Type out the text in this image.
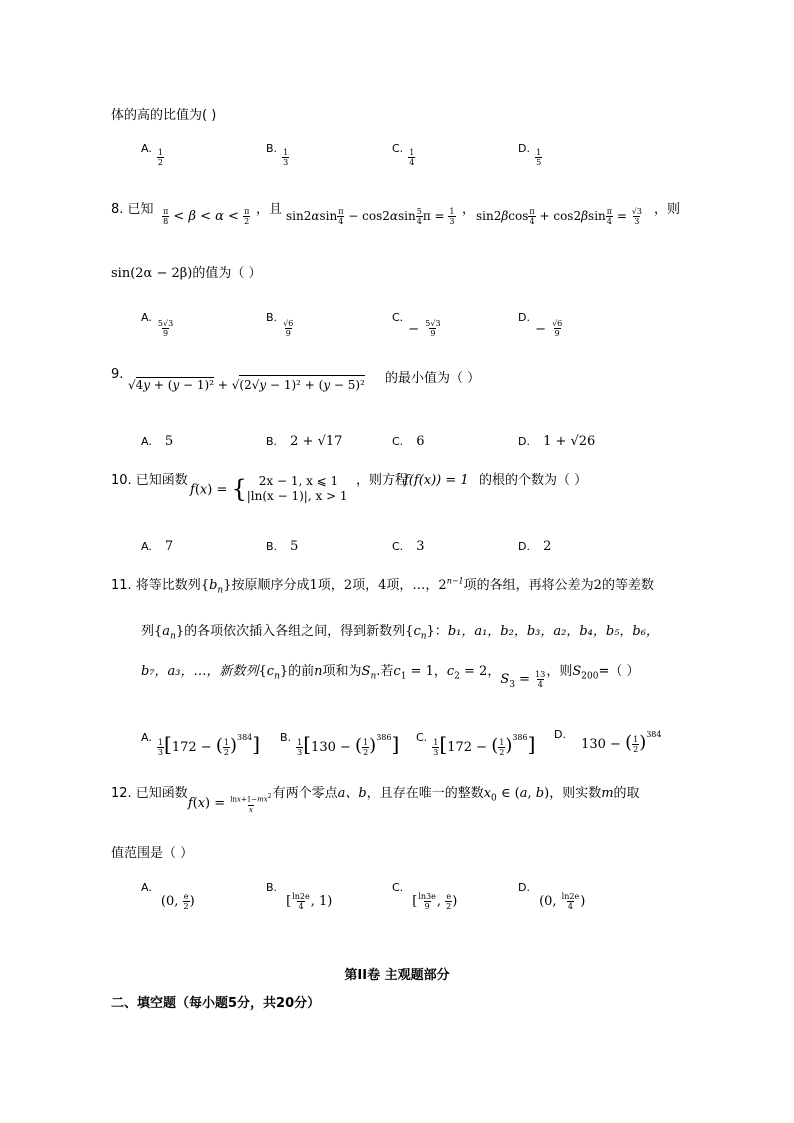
体的高的比值为( )
A. $\frac{1}{2}$	B. $\frac{1}{3}$	C. $\frac{1}{4}$	D. $\frac{1}{5}$
8. 已知 $\frac{\pi}{8} < \beta < \alpha < \frac{\pi}{2}$ ，且 $\sin 2\alpha\sin \frac{\pi}{4} - \cos 2\alpha\sin \frac{5}{4}$ $\pi = \frac{1}{3}$ ， $\sin 2\beta\cos \frac{\pi}{4} + \cos 2\beta\sin \frac{\pi}{4} = \frac{√3}{3}$ ，则
sin(2α − 2β)的值为（ ）
A.
$\frac{5√3}{9}$
B.
$\frac{√6}{9}$
C. $_- \frac{5√3}{9}$
D. $_- \frac{√6}{9}$
9.
√4y + (y − 1)² + √(2√y − 1)² + (y − 5)² 的最小值为（ ）
A. 5	B. 2 + √17	C. 6	D. 1 + √26
10. 已知函数
f(x) = { 2x − 1, x ⩽ 1
|ln(x − 1)|, x > 1
，则方程
f(f(x)) = 1 的根的个数为（ ）
A. 7	B. 5	C. 3	D. 2
11. 将等比数列$\{b_n\}$按原顺序分成1项，2项，4项，…，$2^{n-1}$项的各组，再将公差为2的等差数
列$\{a_n\}$的各项依次插入各组之间，得到新数列$\{c_n\}$：b₁，a₁，b₂，b₃，a₂，b₄，b₅，b₆，
b₇，a₃，…，新数列$\{c_n\}$的前n项和为$S_n$.若$c_1 = 1$，$c_2 = 2$，$S_3 = \frac{13}{4}$ ，则$S_{200}=$（ ）
A.
$_{\frac{1}{3} [172 - ( \frac{1}{2} )^{384}]}$ B.
$_{\frac{1}{3} [130 - ( \frac{1}{2} )^{386}]}$ C.
$_{\frac{1}{3} [172 - ( \frac{1}{2} )^{386}]}$ D. $_{130 - ( \frac{1}{2} )^{384}}$
12. 已知函数$f(x) = \frac{\ln x+1-mx2}{x}$ 有两个零点a、b，且存在唯一的整数$x_0$ ∈ (a, b)，则实数m的取
值范围是（ ）
A. $_{(0, \frac{e}{2} )}$
B. $_{[ \frac{\ln 2e}{4} , 1)}$
C. $_{[ \frac{\ln 3e}{9} , \frac{e}{2} )}$
D. $_{(0, \frac{\ln 2e}{4} )}$
第II卷 主观题部分
二、填空题（每小题5分，共20分）
